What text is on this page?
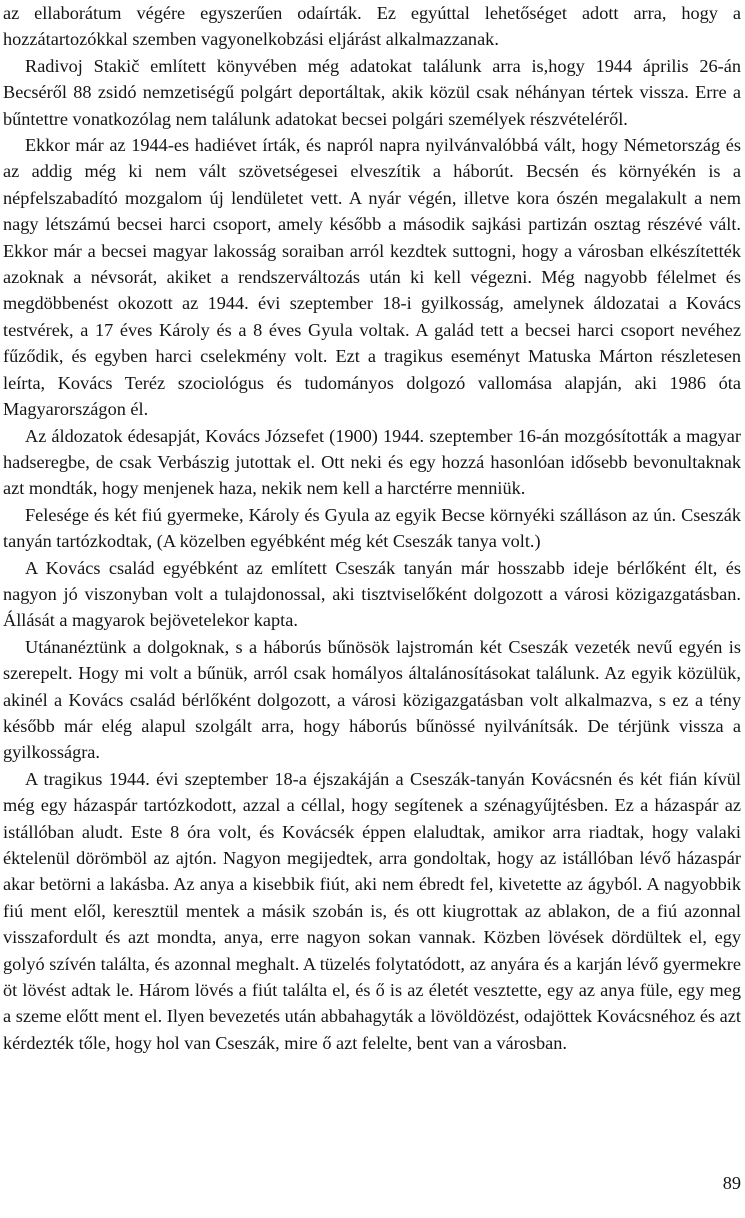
az ellaborátum végére egyszerűen odaírták. Ez egyúttal lehetőséget adott arra, hogy a hozzátartozókkal szemben vagyonelkobzási eljárást alkalmazzanak.

Radivoj Stakič említett könyvében még adatokat találunk arra is,hogy 1944 április 26-án Becséről 88 zsidó nemzetiségű polgárt deportáltak, akik közül csak néhányan tértek vissza. Erre a bűntettre vonatkozólag nem találunk adatokat becsei polgári személyek részvételéről.

Ekkor már az 1944-es hadiévet írták, és napról napra nyilvánvalóbbá vált, hogy Németország és az addig még ki nem vált szövetségesei elveszítik a háborút. Becsén és környékén is a népfelszabadító mozgalom új lendületet vett. A nyár végén, illetve kora ószén megalakult a nem nagy létszámú becsei harci csoport, amely később a második sajkási partizán osztag részévé vált. Ekkor már a becsei magyar lakosság soraiban arról kezdtek suttogni, hogy a városban elkészítették azoknak a névsorát, akiket a rendszerváltozás után ki kell végezni. Még nagyobb félelmet és megdöbbenést okozott az 1944. évi szeptember 18-i gyilkosság, amelynek áldozatai a Kovács testvérek, a 17 éves Károly és a 8 éves Gyula voltak. A galád tett a becsei harci csoport nevéhez fűződik, és egyben harci cselekmény volt. Ezt a tragikus eseményt Matuska Márton részletesen leírta, Kovács Teréz szociológus és tudományos dolgozó vallomása alapján, aki 1986 óta Magyarországon él.

Az áldozatok édesapját, Kovács Józsefet (1900) 1944. szeptember 16-án mozgósították a magyar hadseregbe, de csak Verbászig jutottak el. Ott neki és egy hozzá hasonlóan idősebb bevonultaknak azt mondták, hogy menjenek haza, nekik nem kell a harctérre menniük.

Felesége és két fiú gyermeke, Károly és Gyula az egyik Becse környéki szálláson az ún. Cseszák tanyán tartózkodtak, (A közelben egyébként még két Cseszák tanya volt.)

A Kovács család egyébként az említett Cseszák tanyán már hosszabb ideje bérlőként élt, és nagyon jó viszonyban volt a tulajdonossal, aki tisztviselőként dolgozott a városi közigazgatásban. Állását a magyarok bejövetelekor kapta.

Utánanéztünk a dolgoknak, s a háborús bűnösök lajstromán két Cseszák vezeték nevű egyén is szerepelt. Hogy mi volt a bűnük, arról csak homályos általánosításokat találunk. Az egyik közülük, akinél a Kovács család bérlőként dolgozott, a városi közigazgatásban volt alkalmazva, s ez a tény később már elég alapul szolgált arra, hogy háborús bűnössé nyilvánítsák. De térjünk vissza a gyilkosságra.

A tragikus 1944. évi szeptember 18-a éjszakáján a Cseszák-tanyán Kovácsnén és két fián kívül még egy házaspár tartózkodott, azzal a céllal, hogy segítenek a szénagyűjtésben. Ez a házaspár az istállóban aludt. Este 8 óra volt, és Kovácsék éppen elaludtak, amikor arra riadtak, hogy valaki éktelenül dörömböl az ajtón. Nagyon megijedtek, arra gondoltak, hogy az istállóban lévő házaspár akar betörni a lakásba. Az anya a kisebbik fiút, aki nem ébredt fel, kivetette az ágyból. A nagyobbik fiú ment elől, keresztül mentek a másik szobán is, és ott kiugrottak az ablakon, de a fiú azonnal visszafordult és azt mondta, anya, erre nagyon sokan vannak. Közben lövések dördültek el, egy golyó szívén találta, és azonnal meghalt. A tüzelés folytatódott, az anyára és a karján lévő gyermekre öt lövést adtak le. Három lövés a fiút találta el, és ő is az életét vesztette, egy az anya füle, egy meg a szeme előtt ment el. Ilyen bevezetés után abbahagyták a lövöldözést, odajöttek Kovácsnéhoz és azt kérdezték tőle, hogy hol van Cseszák, mire ő azt felelte, bent van a városban.

89
